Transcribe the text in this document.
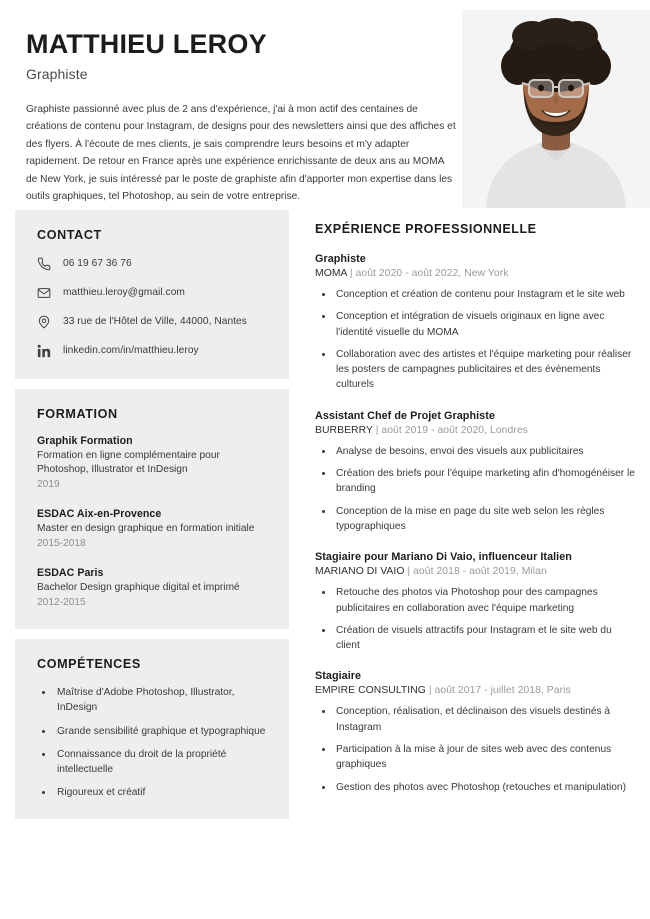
MATTHIEU LEROY
Graphiste
Graphiste passionné avec plus de 2 ans d'expérience, j'ai à mon actif des centaines de créations de contenu pour Instagram, de designs pour des newsletters ainsi que des affiches et des flyers. À l'écoute de mes clients, je sais comprendre leurs besoins et m'y adapter rapidement. De retour en France après une expérience enrichissante de deux ans au MOMA de New York, je suis intéressé par le poste de graphiste afin d'apporter mon expertise dans les outils graphiques, tel Photoshop, au sein de votre entreprise.
CONTACT
06 19 67 36 76
matthieu.leroy@gmail.com
33 rue de l'Hôtel de Ville, 44000, Nantes
linkedin.com/in/matthieu.leroy
FORMATION
Graphik Formation
Formation en ligne complémentaire pour Photoshop, Illustrator et InDesign
2019
ESDAC Aix-en-Provence
Master en design graphique en formation initiale
2015-2018
ESDAC Paris
Bachelor Design graphique digital et imprimé
2012-2015
COMPÉTENCES
Maîtrise d'Adobe Photoshop, Illustrator, InDesign
Grande sensibilité graphique et typographique
Connaissance du droit de la propriété intellectuelle
Rigoureux et créatif
EXPÉRIENCE PROFESSIONNELLE
Graphiste
MOMA | août 2020 - août 2022, New York
Conception et création de contenu pour Instagram et le site web
Conception et intégration de visuels originaux en ligne avec l'identité visuelle du MOMA
Collaboration avec des artistes et l'équipe marketing pour réaliser les posters de campagnes publicitaires et des évènements culturels
Assistant Chef de Projet Graphiste
BURBERRY | août 2019 - août 2020, Londres
Analyse de besoins, envoi des visuels aux publicitaires
Création des briefs pour l'équipe marketing afin d'homogénéiser le branding
Conception de la mise en page du site web selon les règles typographiques
Stagiaire pour Mariano Di Vaio, influenceur Italien
MARIANO DI VAIO | août 2018 - août 2019, Milan
Retouche des photos via Photoshop pour des campagnes publicitaires en collaboration avec l'équipe marketing
Création de visuels attractifs pour Instagram et le site web du client
Stagiaire
EMPIRE CONSULTING | août 2017 - juillet 2018, Paris
Conception, réalisation, et déclinaison des visuels destinés à Instagram
Participation à la mise à jour de sites web avec des contenus graphiques
Gestion des photos avec Photoshop (retouches et manipulation)
